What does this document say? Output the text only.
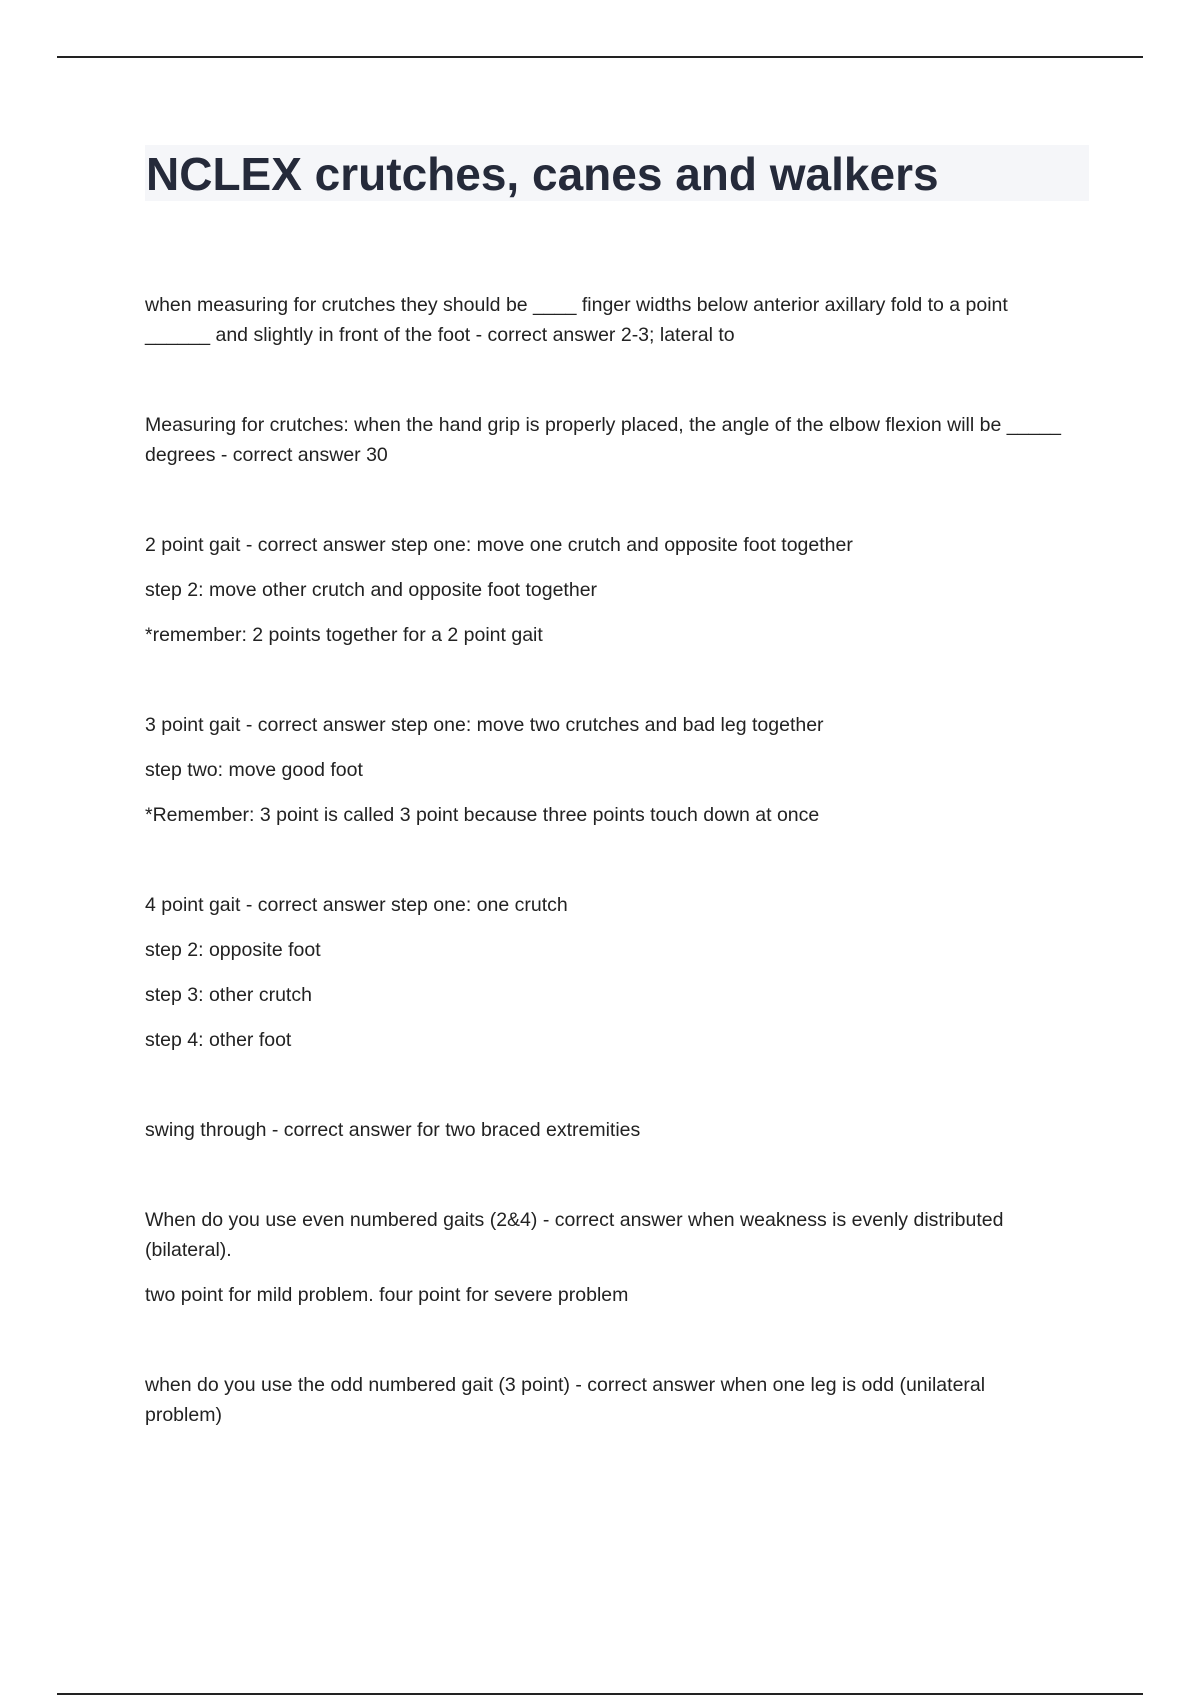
NCLEX crutches, canes and walkers

when measuring for crutches they should be ____ finger widths below anterior axillary fold to a point ______ and slightly in front of the foot - correct answer 2-3; lateral to

Measuring for crutches: when the hand grip is properly placed, the angle of the elbow flexion will be _____ degrees - correct answer 30

2 point gait - correct answer step one: move one crutch and opposite foot together

step 2: move other crutch and opposite foot together

*remember: 2 points together for a 2 point gait

3 point gait - correct answer step one: move two crutches and bad leg together

step two: move good foot

*Remember: 3 point is called 3 point because three points touch down at once

4 point gait - correct answer step one: one crutch

step 2: opposite foot

step 3: other crutch

step 4: other foot

swing through - correct answer for two braced extremities

When do you use even numbered gaits (2&4) - correct answer when weakness is evenly distributed (bilateral).

two point for mild problem. four point for severe problem

when do you use the odd numbered gait (3 point) - correct answer when one leg is odd (unilateral problem)
